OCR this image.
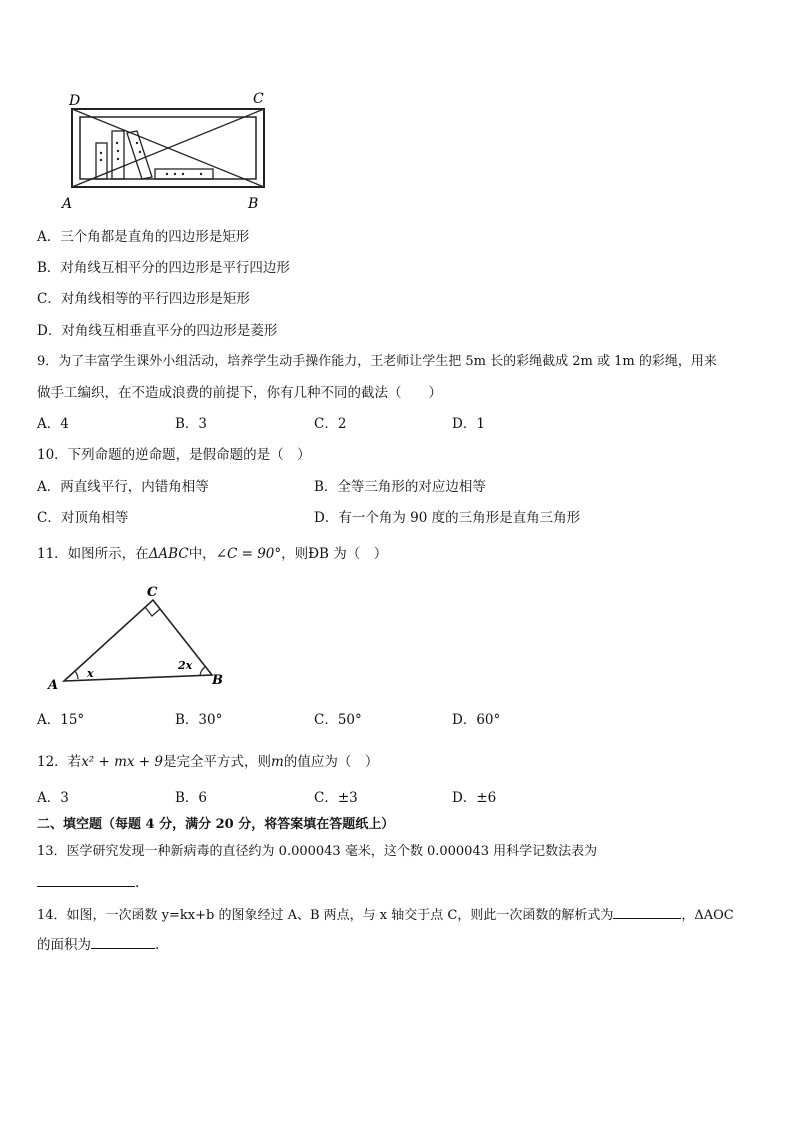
D	C
A	B
A．三个角都是直角的四边形是矩形
B．对角线互相平分的四边形是平行四边形
C．对角线相等的平行四边形是矩形
D．对角线互相垂直平分的四边形是菱形
9．为了丰富学生课外小组活动，培养学生动手操作能力，王老师让学生把 5m 长的彩绳截成 2m 或 1m 的彩绳，用来
做手工编织，在不造成浪费的前提下，你有几种不同的截法（　　）
A．4	B．3	C．2	D．1
10．下列命题的逆命题，是假命题的是（　）
A．两直线平行，内错角相等	B．全等三角形的对应边相等
C．对顶角相等	D．有一个角为 90 度的三角形是直角三角形
11．如图所示，在ΔABC中，∠C = 90°，则ÐB 为（　）
C
A	B
x
2x
A．15°	B．30°	C．50°	D．60°
12．若x² + mx + 9是完全平方式，则m的值应为（　）
A．3	B．6	C．±3	D．±6
二、填空题（每题 4 分，满分 20 分，将答案填在答题纸上）
13．医学研究发现一种新病毒的直径约为 0.000043 毫米，这个数 0.000043 用科学记数法表为
.
14．如图，一次函数 y=kx+b 的图象经过 A、B 两点，与 x 轴交于点 C，则此一次函数的解析式为	，ΔAOC
的面积为	.
